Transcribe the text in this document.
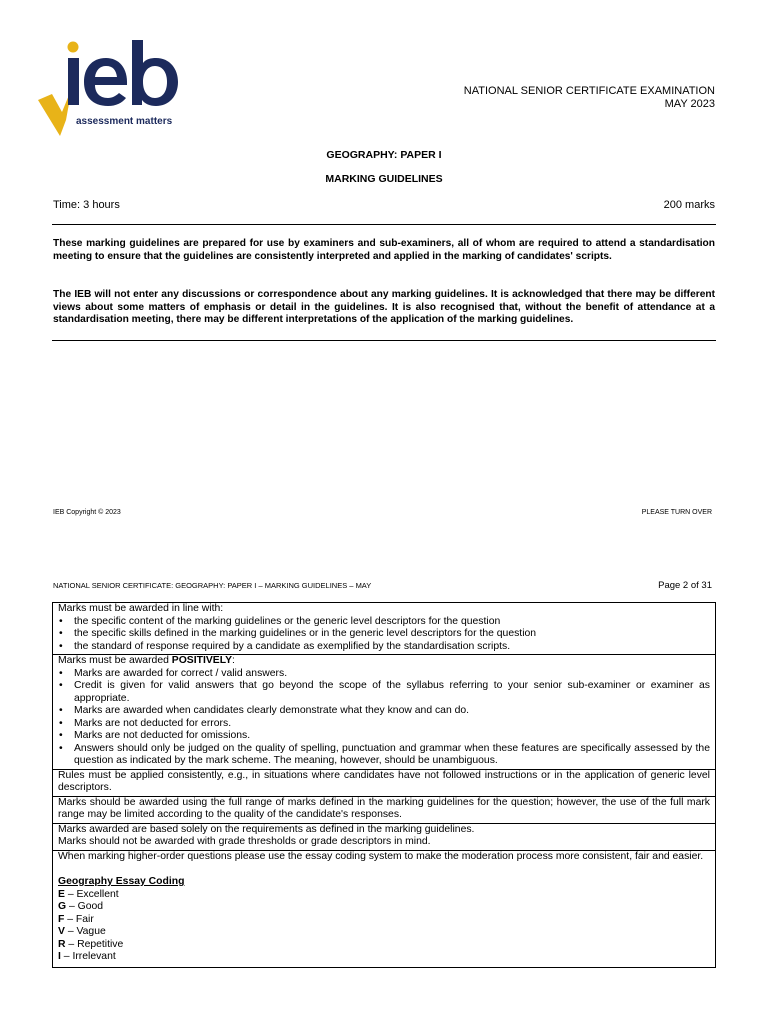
assessment matters
NATIONAL SENIOR CERTIFICATE EXAMINATION
MAY 2023
GEOGRAPHY: PAPER I
MARKING GUIDELINES
Time: 3 hours	200 marks
These marking guidelines are prepared for use by examiners and sub-examiners, all of whom are required to attend a standardisation meeting to ensure that the guidelines are consistently interpreted and applied in the marking of candidates' scripts.
The IEB will not enter any discussions or correspondence about any marking guidelines. It is acknowledged that there may be different views about some matters of emphasis or detail in the guidelines. It is also recognised that, without the benefit of attendance at a standardisation meeting, there may be different interpretations of the application of the marking guidelines.
IEB Copyright © 2023	PLEASE TURN OVER
NATIONAL SENIOR CERTIFICATE: GEOGRAPHY: PAPER I – MARKING GUIDELINES – MAY	Page 2 of 31
Marks must be awarded in line with:
• the specific content of the marking guidelines or the generic level descriptors for the question
• the specific skills defined in the marking guidelines or in the generic level descriptors for the question
• the standard of response required by a candidate as exemplified by the standardisation scripts.

Marks must be awarded POSITIVELY:
• Marks are awarded for correct / valid answers.
• Credit is given for valid answers that go beyond the scope of the syllabus referring to your senior sub-examiner or examiner as appropriate.
• Marks are awarded when candidates clearly demonstrate what they know and can do.
• Marks are not deducted for errors.
• Marks are not deducted for omissions.
• Answers should only be judged on the quality of spelling, punctuation and grammar when these features are specifically assessed by the question as indicated by the mark scheme. The meaning, however, should be unambiguous.

Rules must be applied consistently, e.g., in situations where candidates have not followed instructions or in the application of generic level descriptors.
Marks should be awarded using the full range of marks defined in the marking guidelines for the question; however, the use of the full mark range may be limited according to the quality of the candidate's responses.

Marks awarded are based solely on the requirements as defined in the marking guidelines.
Marks should not be awarded with grade thresholds or grade descriptors in mind.

When marking higher-order questions please use the essay coding system to make the moderation process more consistent, fair and easier.
Geography Essay Coding
E – Excellent
G – Good
F – Fair
V – Vague
R – Repetitive
I – Irrelevant
